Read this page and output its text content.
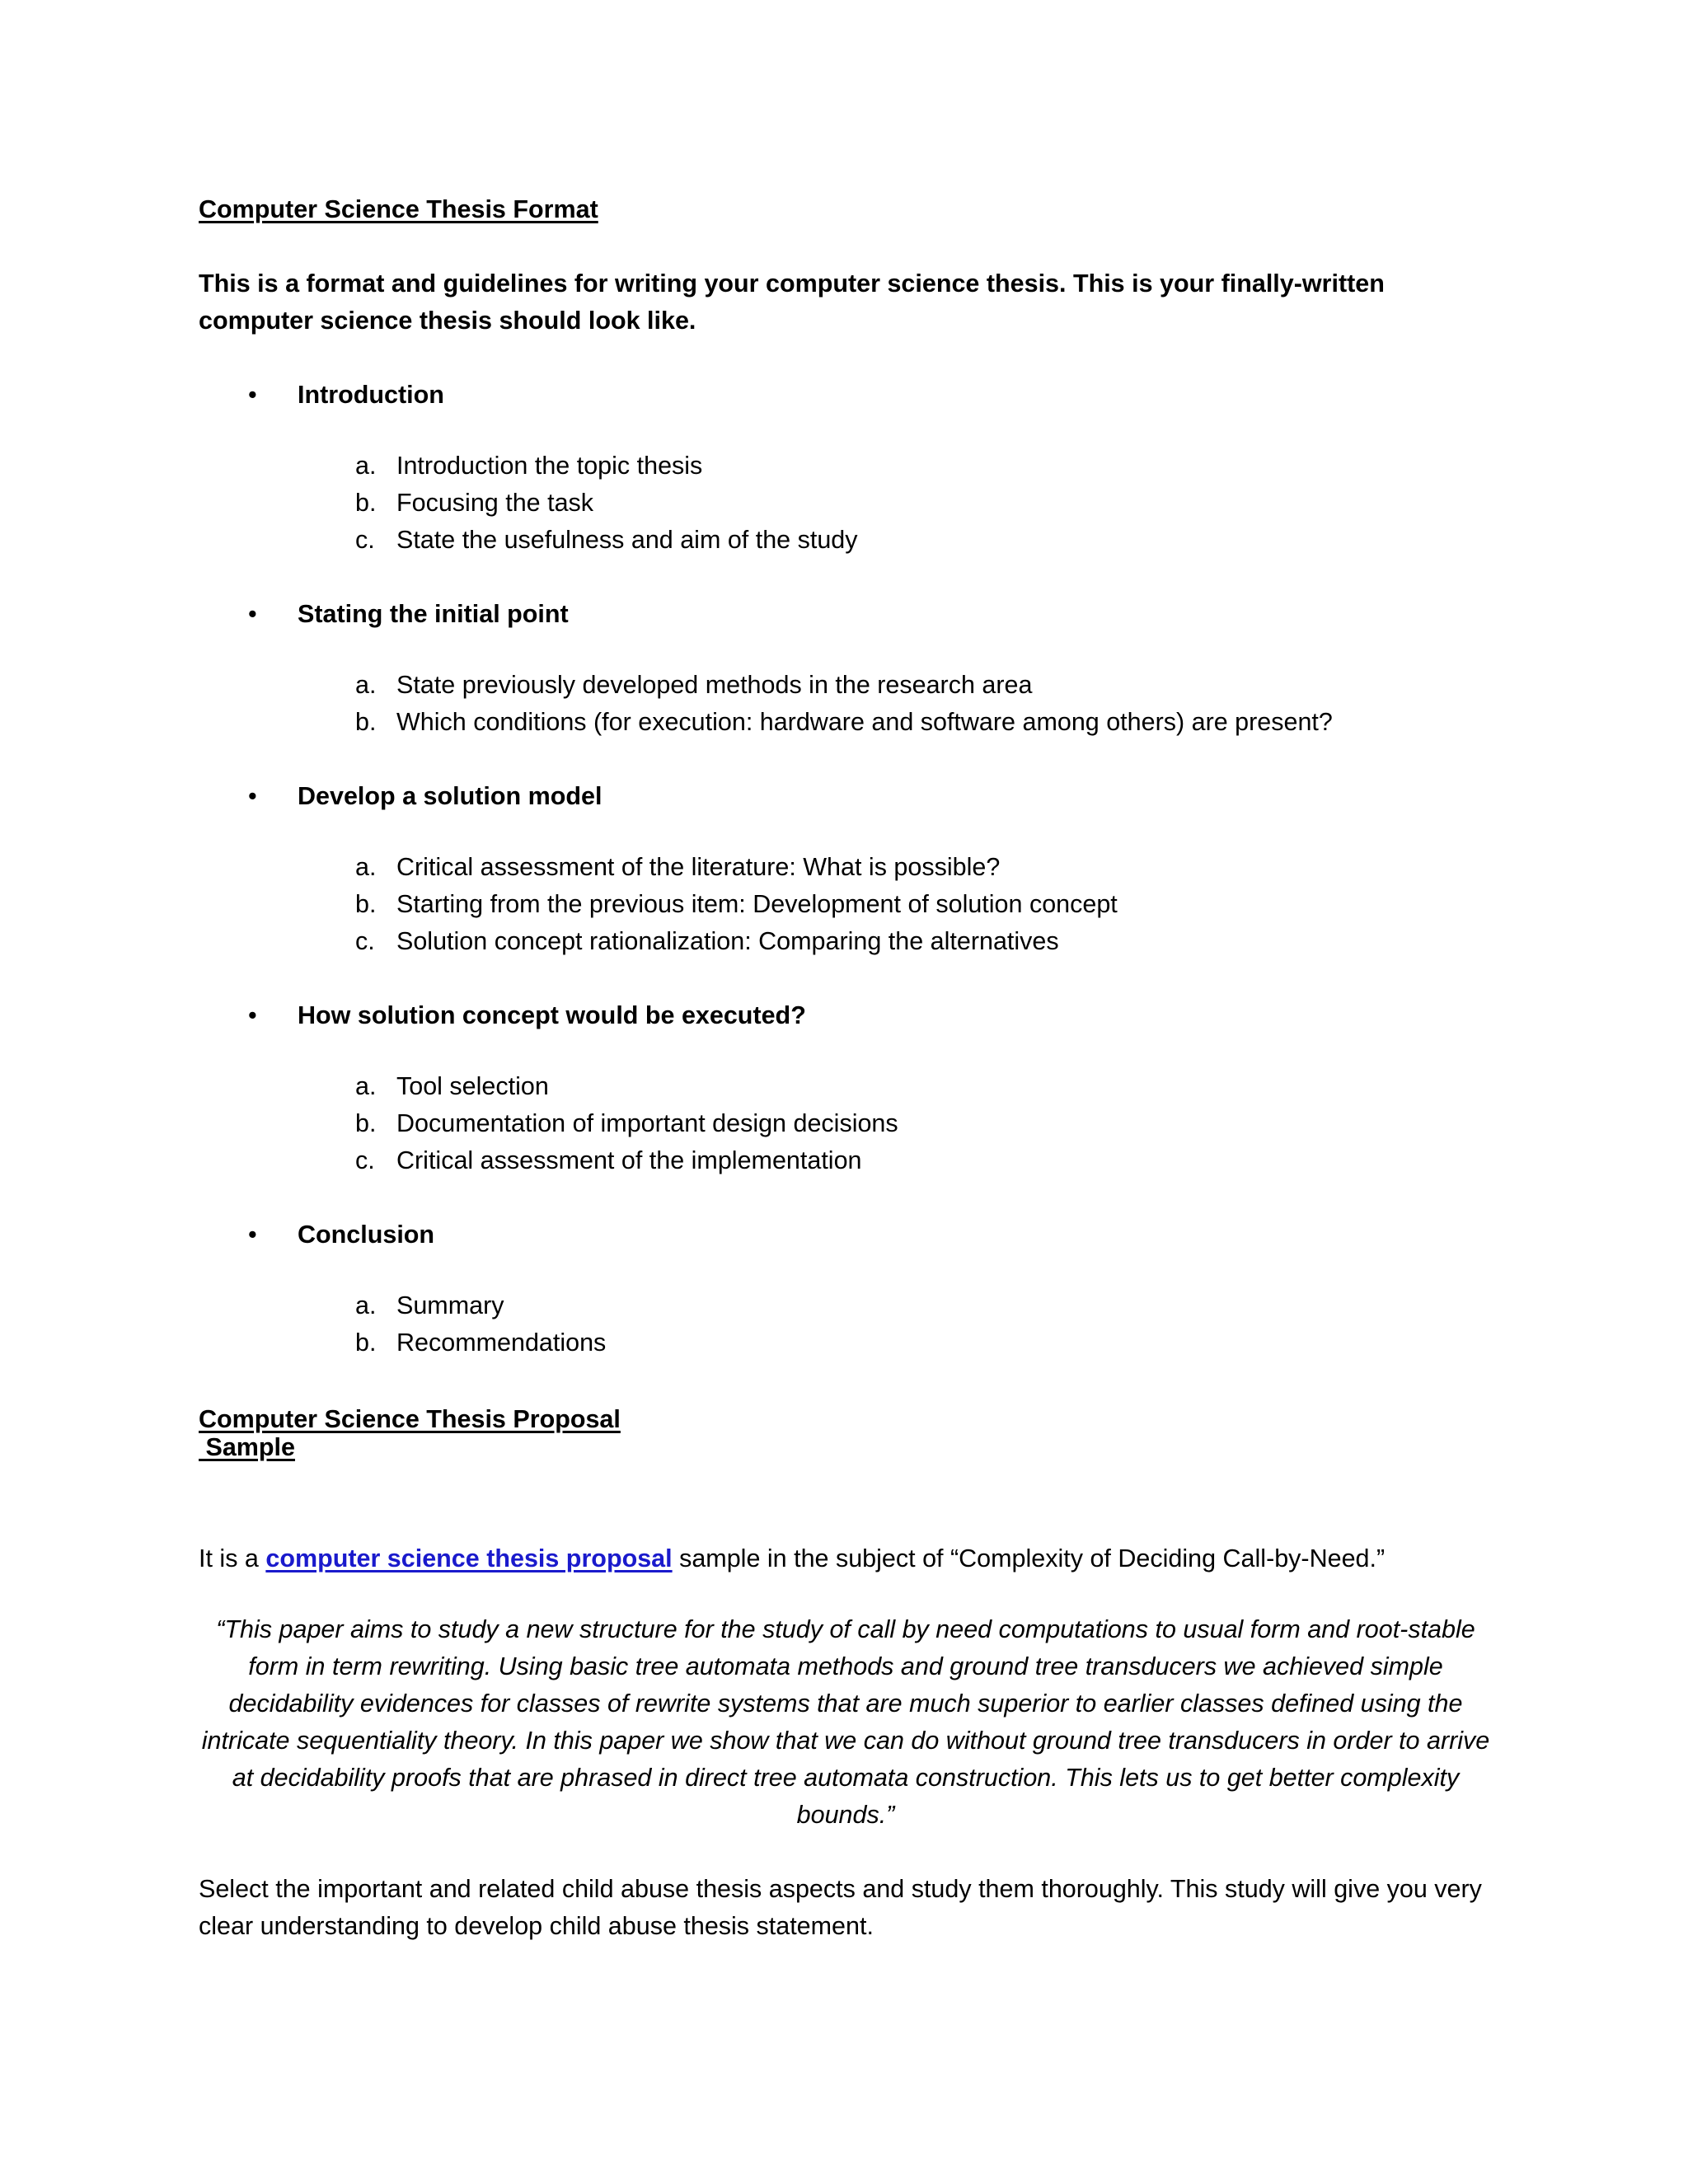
Computer Science Thesis Format

This is a format and guidelines for writing your computer science thesis. This is your finally-written computer science thesis should look like.

• Introduction
a. Introduction the topic thesis
b. Focusing the task
c. State the usefulness and aim of the study
• Stating the initial point
a. State previously developed methods in the research area
b. Which conditions (for execution: hardware and software among others) are present?
• Develop a solution model
a. Critical assessment of the literature: What is possible?
b. Starting from the previous item: Development of solution concept
c. Solution concept rationalization: Comparing the alternatives
• How solution concept would be executed?
a. Tool selection
b. Documentation of important design decisions
c. Critical assessment of the implementation
• Conclusion
a. Summary
b. Recommendations

Computer Science Thesis Proposal
Sample

It is a computer science thesis proposal sample in the subject of “Complexity of Deciding Call-by-Need.”

“This paper aims to study a new structure for the study of call by need computations to usual form and root-stable form in term rewriting. Using basic tree automata methods and ground tree transducers we achieved simple decidability evidences for classes of rewrite systems that are much superior to earlier classes defined using the intricate sequentiality theory. In this paper we show that we can do without ground tree transducers in order to arrive at decidability proofs that are phrased in direct tree automata construction. This lets us to get better complexity bounds.”

Select the important and related child abuse thesis aspects and study them thoroughly. This study will give you very clear understanding to develop child abuse thesis statement.
